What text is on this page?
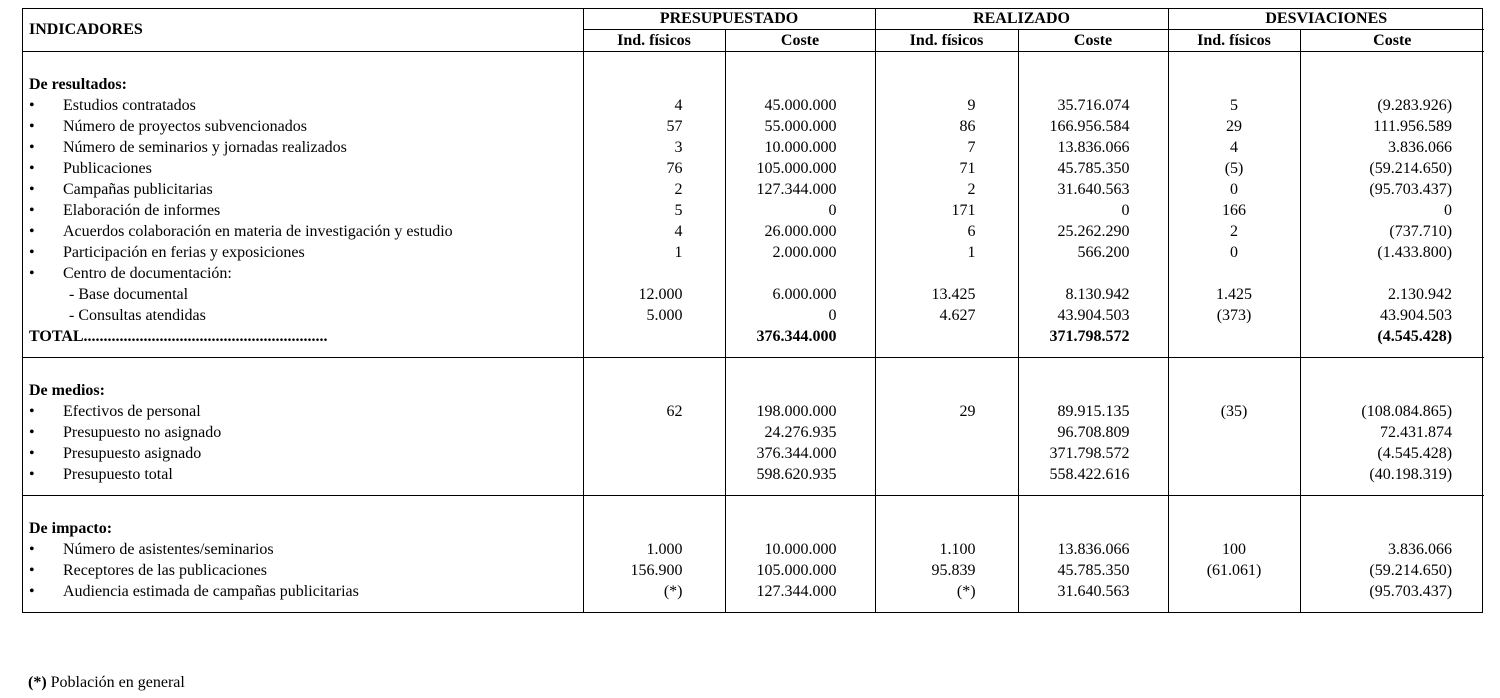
INDICADORES	PRESUPUESTADO		REALIZADO		DESVIACIONES	
	Ind. físicos	Coste	Ind. físicos	Coste	Ind. físicos	Coste
De resultados:						
• Estudios contratados	4	45.000.000	9	35.716.074	5	(9.283.926)
• Número de proyectos subvencionados	57	55.000.000	86	166.956.584	29	111.956.589
• Número de seminarios y jornadas realizados	3	10.000.000	7	13.836.066	4	3.836.066
• Publicaciones	76	105.000.000	71	45.785.350	(5)	(59.214.650)
• Campañas publicitarias	2	127.344.000	2	31.640.563	0	(95.703.437)
• Elaboración de informes	5	0	171	0	166	0
• Acuerdos colaboración en materia de investigación y estudio	4	26.000.000	6	25.262.290	2	(737.710)
• Participación en ferias y exposiciones	1	2.000.000	1	566.200	0	(1.433.800)
• Centro de documentación:						
- Base documental	12.000	6.000.000	13.425	8.130.942	1.425	2.130.942
- Consultas atendidas	5.000	0	4.627	43.904.503	(373)	43.904.503
TOTAL.............................................................		376.344.000		371.798.572		(4.545.428)

De medios:						
• Efectivos de personal	62	198.000.000	29	89.915.135	(35)	(108.084.865)
• Presupuesto no asignado		24.276.935		96.708.809		72.431.874
• Presupuesto asignado		376.344.000		371.798.572		(4.545.428)
• Presupuesto total		598.620.935		558.422.616		(40.198.319)

De impacto:						
• Número de asistentes/seminarios	1.000	10.000.000	1.100	13.836.066	100	3.836.066
• Receptores de las publicaciones	156.900	105.000.000	95.839	45.785.350	(61.061)	(59.214.650)
• Audiencia estimada de campañas publicitarias	(*)	127.344.000	(*)	31.640.563		(95.703.437)

(*) Población en general
